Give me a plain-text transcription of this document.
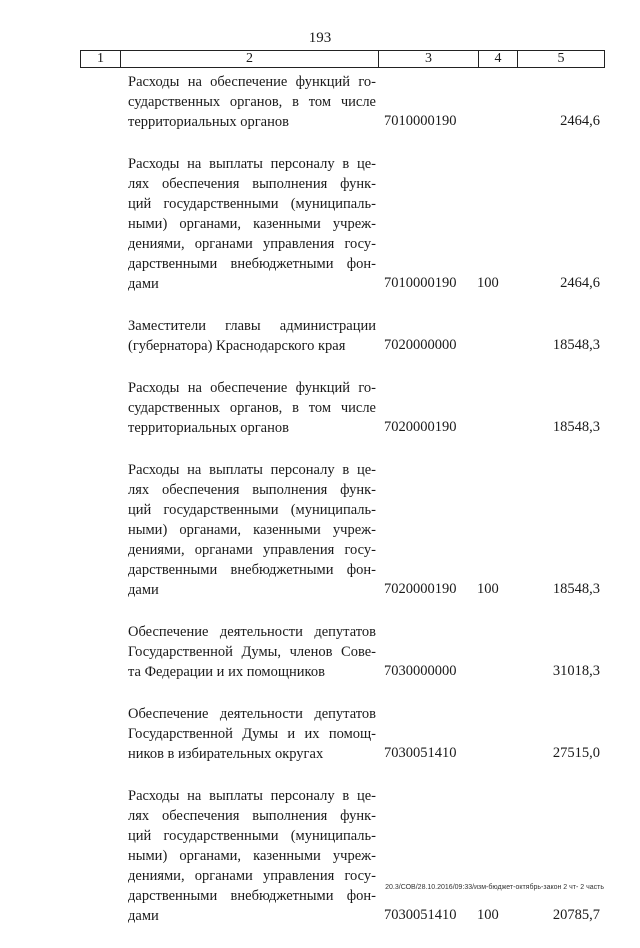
193
1	2	3	4	5
Расходы на обеспечение функций го-
сударственных органов, в том числе
территориальных органов	7010000190	2464,6
Расходы на выплаты персоналу в це-
лях обеспечения выполнения функ-
ций государственными (муниципаль-
ными) органами, казенными учреж-
дениями, органами управления госу-
дарственными внебюджетными фон-
дами	7010000190 100	2464,6
Заместители главы администрации
(губернатора) Краснодарского края	7020000000	18548,3
Расходы на обеспечение функций го-
сударственных органов, в том числе
территориальных органов	7020000190	18548,3
Расходы на выплаты персоналу в це-
лях обеспечения выполнения функ-
ций государственными (муниципаль-
ными) органами, казенными учреж-
дениями, органами управления госу-
дарственными внебюджетными фон-
дами	7020000190 100	18548,3
Обеспечение деятельности депутатов
Государственной Думы, членов Сове-
та Федерации и их помощников	7030000000	31018,3
Обеспечение деятельности депутатов
Государственной Думы и их помощ-
ников в избирательных округах	7030051410	27515,0
Расходы на выплаты персоналу в це-
лях обеспечения выполнения функ-
ций государственными (муниципаль-
ными) органами, казенными учреж-
дениями, органами управления госу-
дарственными внебюджетными фон-
дами	7030051410 100	20785,7
20.3/СОВ/28.10.2016/09:33/изм-бюджет-октябрь-закон 2 чт- 2 часть
